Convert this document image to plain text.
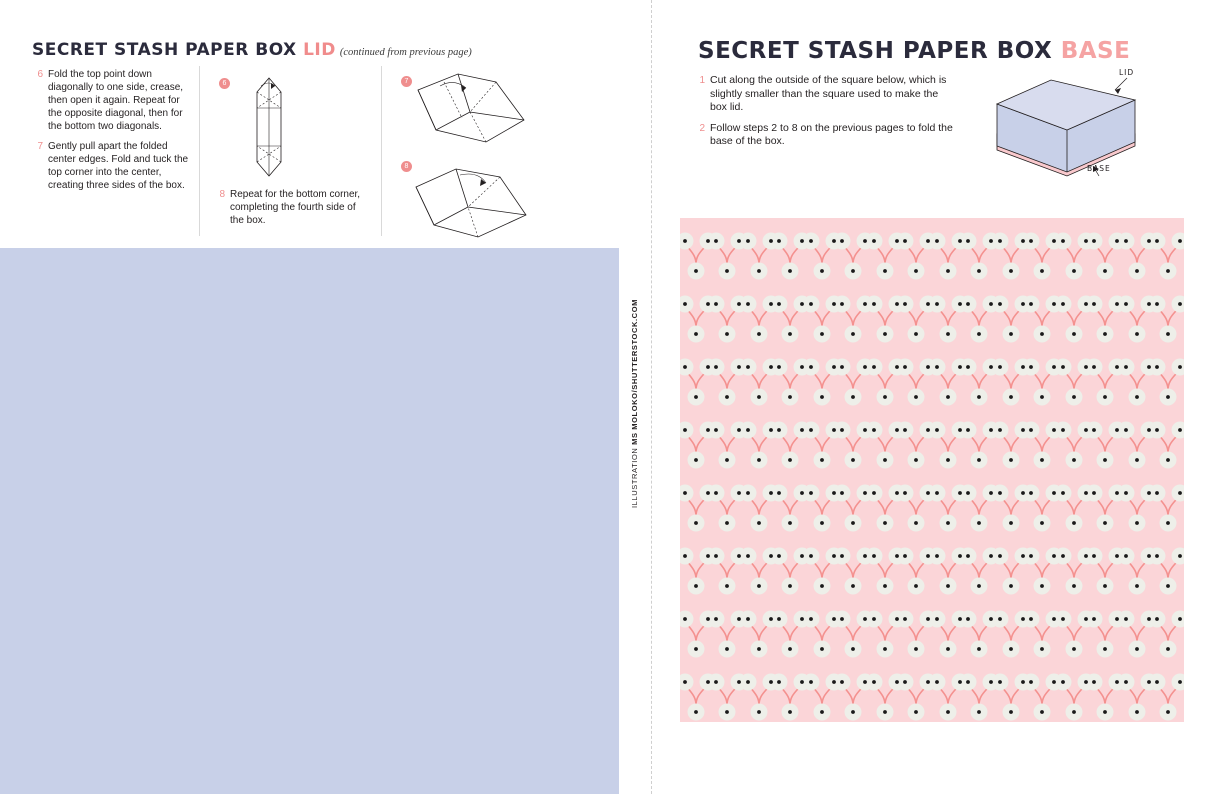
SECRET STASH PAPER BOX LID (continued from previous page)
6 Fold the top point down diagonally to one side, crease, then open it again. Repeat for the opposite diagonal, then for the bottom two diagonals.
7 Gently pull apart the folded center edges. Fold and tuck the top corner into the center, creating three sides of the box.
8 Repeat for the bottom corner, completing the fourth side of the box.
6	7
8
ILLUSTRATION MS MOLOKO/SHUTTERSTOCK.COM
SECRET STASH PAPER BOX BASE
1 Cut along the outside of the square below, which is slightly smaller than the square used to make the box lid.
2 Follow steps 2 to 8 on the previous pages to fold the base of the box.
LID
BASE
